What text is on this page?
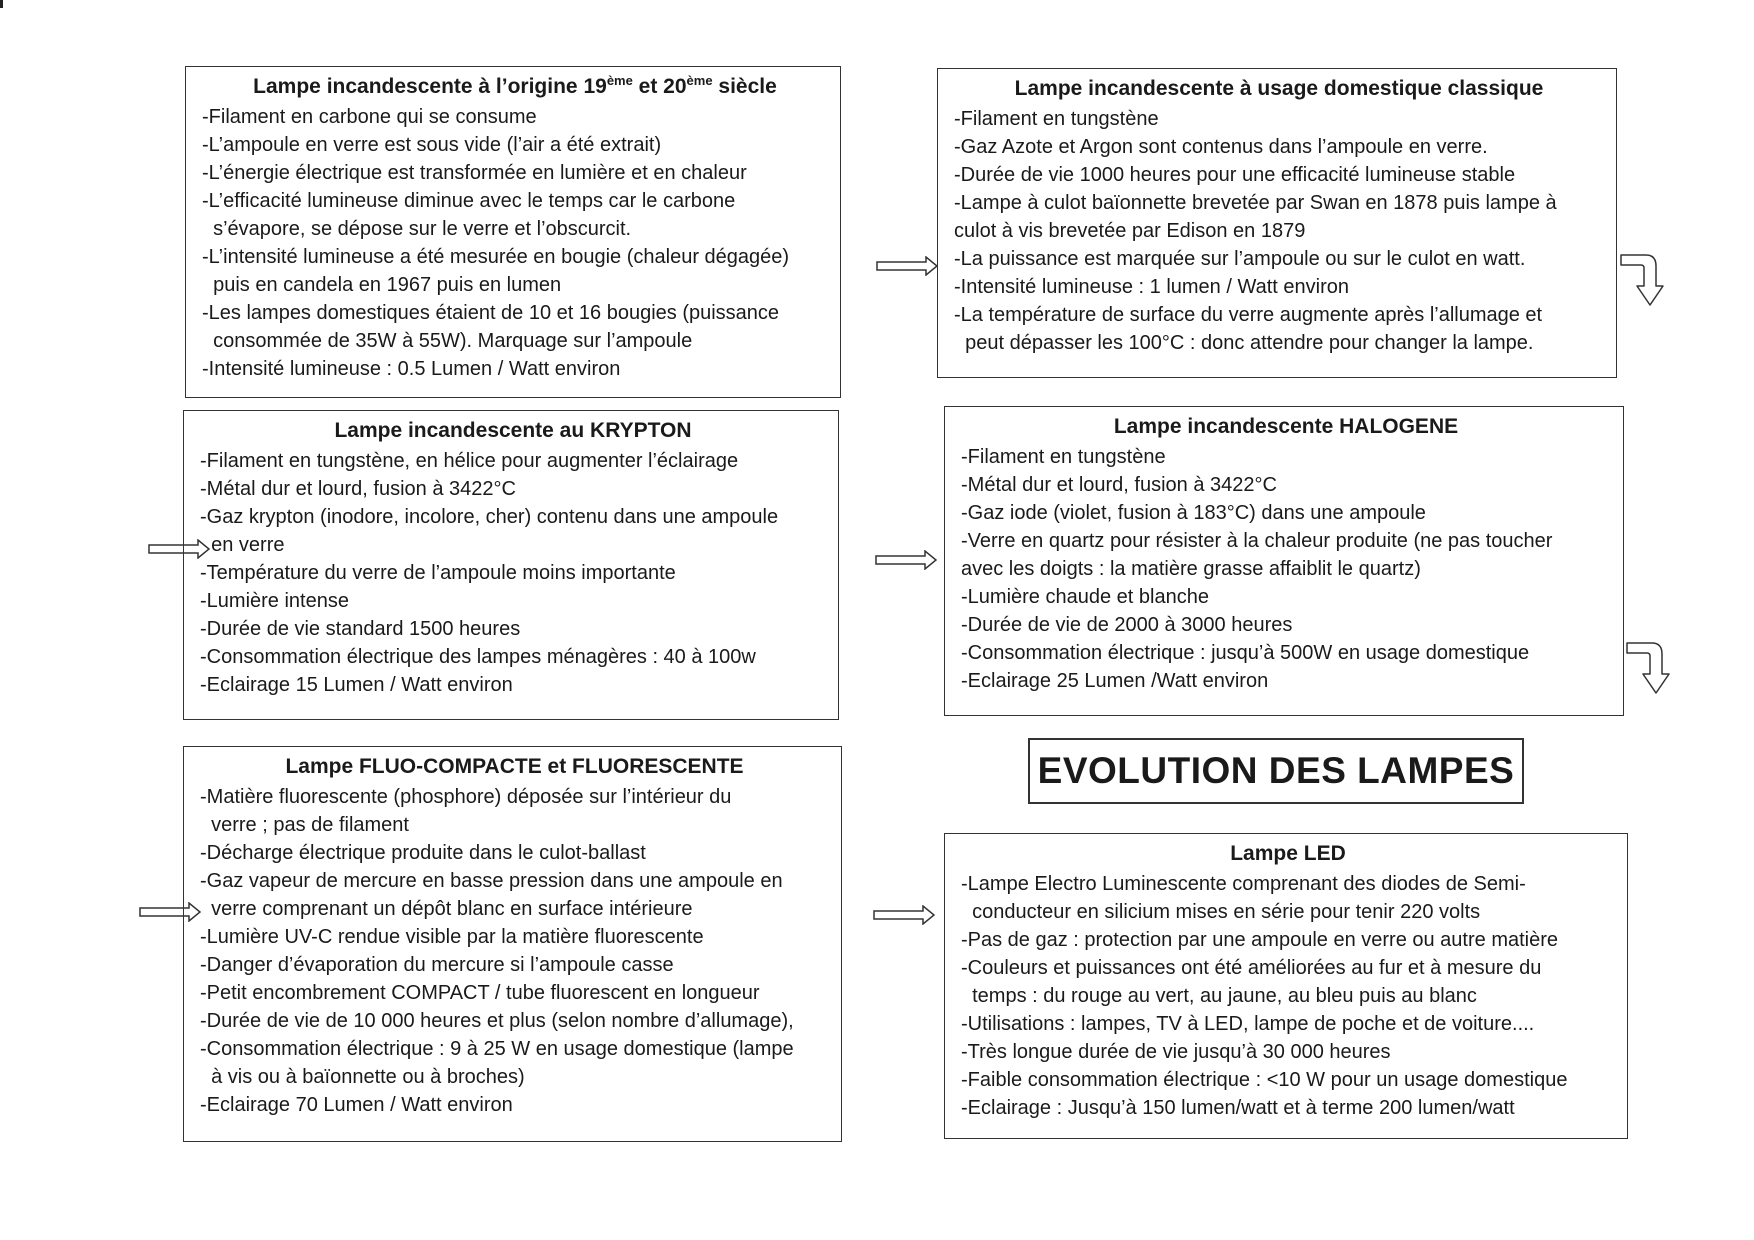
Lampe incandescente à l’origine 19ème et 20ème siècle
-Filament en carbone qui se consume
-L’ampoule en verre est sous vide (l’air a été extrait)
-L’énergie électrique est transformée en lumière et en chaleur
-L’efficacité lumineuse diminue avec le temps car le carbone
s’évapore, se dépose sur le verre et l’obscurcit.
-L’intensité lumineuse a été mesurée en bougie (chaleur dégagée)
puis en candela en 1967 puis en lumen
-Les lampes domestiques étaient de 10 et 16 bougies (puissance
consommée de 35W à 55W). Marquage sur l’ampoule
-Intensité lumineuse : 0.5 Lumen / Watt environ
Lampe incandescente à usage domestique classique
-Filament en tungstène
-Gaz Azote et Argon sont contenus dans l’ampoule en verre.
-Durée de vie 1000 heures pour une efficacité lumineuse stable
-Lampe à culot baïonnette brevetée par Swan en 1878 puis lampe à
culot à vis brevetée par Edison en 1879
-La puissance est marquée sur l’ampoule ou sur le culot en watt.
-Intensité lumineuse : 1 lumen / Watt environ
-La température de surface du verre augmente après l’allumage et
peut dépasser les 100°C : donc attendre pour changer la lampe.
Lampe incandescente au KRYPTON
-Filament en tungstène, en hélice pour augmenter l’éclairage
-Métal dur et lourd, fusion à 3422°C
-Gaz krypton (inodore, incolore, cher) contenu dans une ampoule
en verre
-Température du verre de l’ampoule moins importante
-Lumière intense
-Durée de vie standard 1500 heures
-Consommation électrique des lampes ménagères : 40 à 100w
-Eclairage 15 Lumen / Watt environ
Lampe incandescente HALOGENE
-Filament en tungstène
-Métal dur et lourd, fusion à 3422°C
-Gaz iode (violet, fusion à 183°C) dans une ampoule
-Verre en quartz pour résister à la chaleur produite (ne pas toucher
avec les doigts : la matière grasse affaiblit le quartz)
-Lumière chaude et blanche
-Durée de vie de 2000 à 3000 heures
-Consommation électrique : jusqu’à 500W en usage domestique
-Eclairage 25 Lumen /Watt environ
Lampe FLUO-COMPACTE et FLUORESCENTE
-Matière fluorescente (phosphore) déposée sur l’intérieur du
verre ; pas de filament
-Décharge électrique produite dans le culot-ballast
-Gaz vapeur de mercure en basse pression dans une ampoule en
verre comprenant un dépôt blanc en surface intérieure
-Lumière UV-C rendue visible par la matière fluorescente
-Danger d’évaporation du mercure si l’ampoule casse
-Petit encombrement COMPACT / tube fluorescent en longueur
-Durée de vie de 10 000 heures et plus (selon nombre d’allumage),
-Consommation électrique : 9 à 25 W en usage domestique (lampe
à vis ou à baïonnette ou à broches)
-Eclairage 70 Lumen / Watt environ
EVOLUTION DES LAMPES
Lampe LED
-Lampe Electro Luminescente comprenant des diodes de Semi-
conducteur en silicium mises en série pour tenir 220 volts
-Pas de gaz : protection par une ampoule en verre ou autre matière
-Couleurs et puissances ont été améliorées au fur et à mesure du
temps : du rouge au vert, au jaune, au bleu puis au blanc
-Utilisations : lampes, TV à LED, lampe de poche et de voiture....
-Très longue durée de vie jusqu’à 30 000 heures
-Faible consommation électrique : <10 W pour un usage domestique
-Eclairage : Jusqu’à 150 lumen/watt et à terme 200 lumen/watt
